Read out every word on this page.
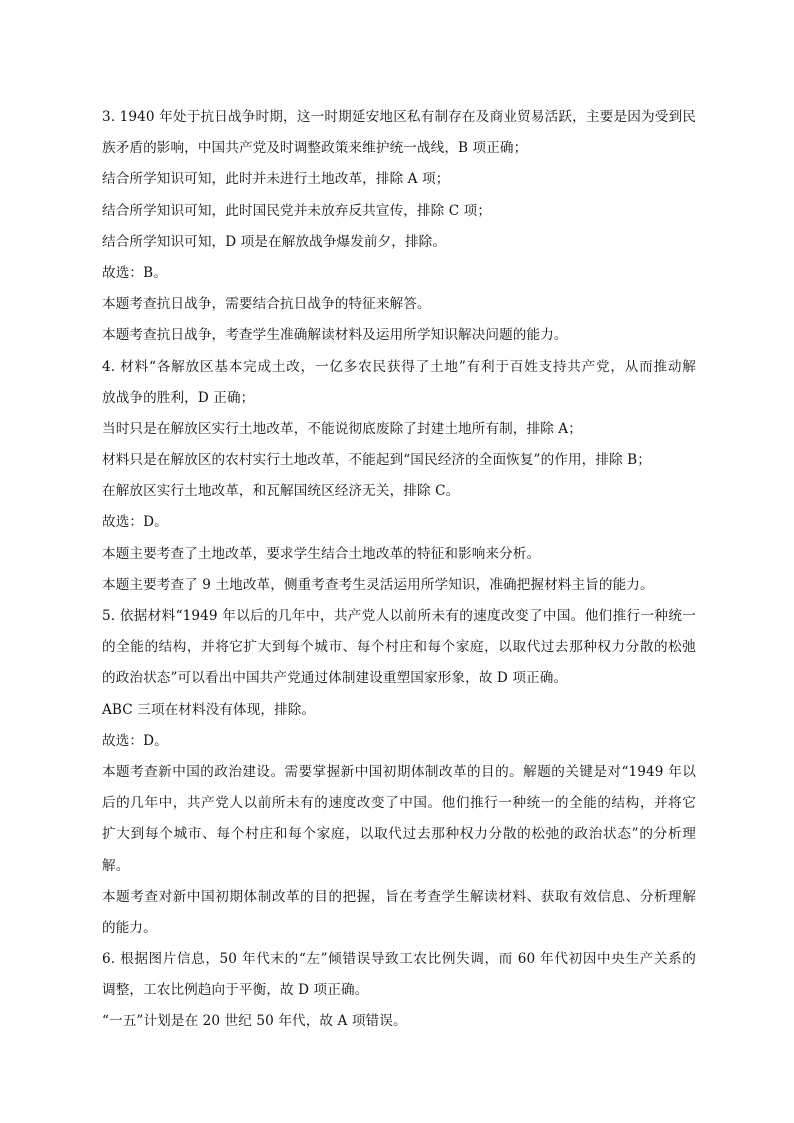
3. 1940 年处于抗日战争时期，这一时期延安地区私有制存在及商业贸易活跃，主要是因为受到民
族矛盾的影响，中国共产党及时调整政策来维护统一战线，B 项正确；
结合所学知识可知，此时并未进行土地改革，排除 A 项；
结合所学知识可知，此时国民党并未放弃反共宣传，排除 C 项；
结合所学知识可知，D 项是在解放战争爆发前夕，排除。
故选：B。
本题考查抗日战争，需要结合抗日战争的特征来解答。
本题考查抗日战争，考查学生准确解读材料及运用所学知识解决问题的能力。
4. 材料“各解放区基本完成土改，一亿多农民获得了土地”有利于百姓支持共产党，从而推动解
放战争的胜利，D 正确；
当时只是在解放区实行土地改革，不能说彻底废除了封建土地所有制，排除 A；
材料只是在解放区的农村实行土地改革，不能起到“国民经济的全面恢复”的作用，排除 B；
在解放区实行土地改革，和瓦解国统区经济无关，排除 C。
故选：D。
本题主要考查了土地改革，要求学生结合土地改革的特征和影响来分析。
本题主要考查了 9 土地改革，侧重考查考生灵活运用所学知识，准确把握材料主旨的能力。
5. 依据材料“1949 年以后的几年中，共产党人以前所未有的速度改变了中国。他们推行一种统一
的全能的结构，并将它扩大到每个城市、每个村庄和每个家庭，以取代过去那种权力分散的松弛
的政治状态”可以看出中国共产党通过体制建设重塑国家形象，故 D 项正确。
ABC 三项在材料没有体现，排除。
故选：D。
本题考查新中国的政治建设。需要掌握新中国初期体制改革的目的。解题的关键是对“1949 年以
后的几年中，共产党人以前所未有的速度改变了中国。他们推行一种统一的全能的结构，并将它
扩大到每个城市、每个村庄和每个家庭，以取代过去那种权力分散的松弛的政治状态”的分析理
解。
本题考查对新中国初期体制改革的目的把握，旨在考查学生解读材料、获取有效信息、分析理解
的能力。
6. 根据图片信息，50 年代末的“左”倾错误导致工农比例失调，而 60 年代初因中央生产关系的
调整，工农比例趋向于平衡，故 D 项正确。
“一五”计划是在 20 世纪 50 年代，故 A 项错误。
